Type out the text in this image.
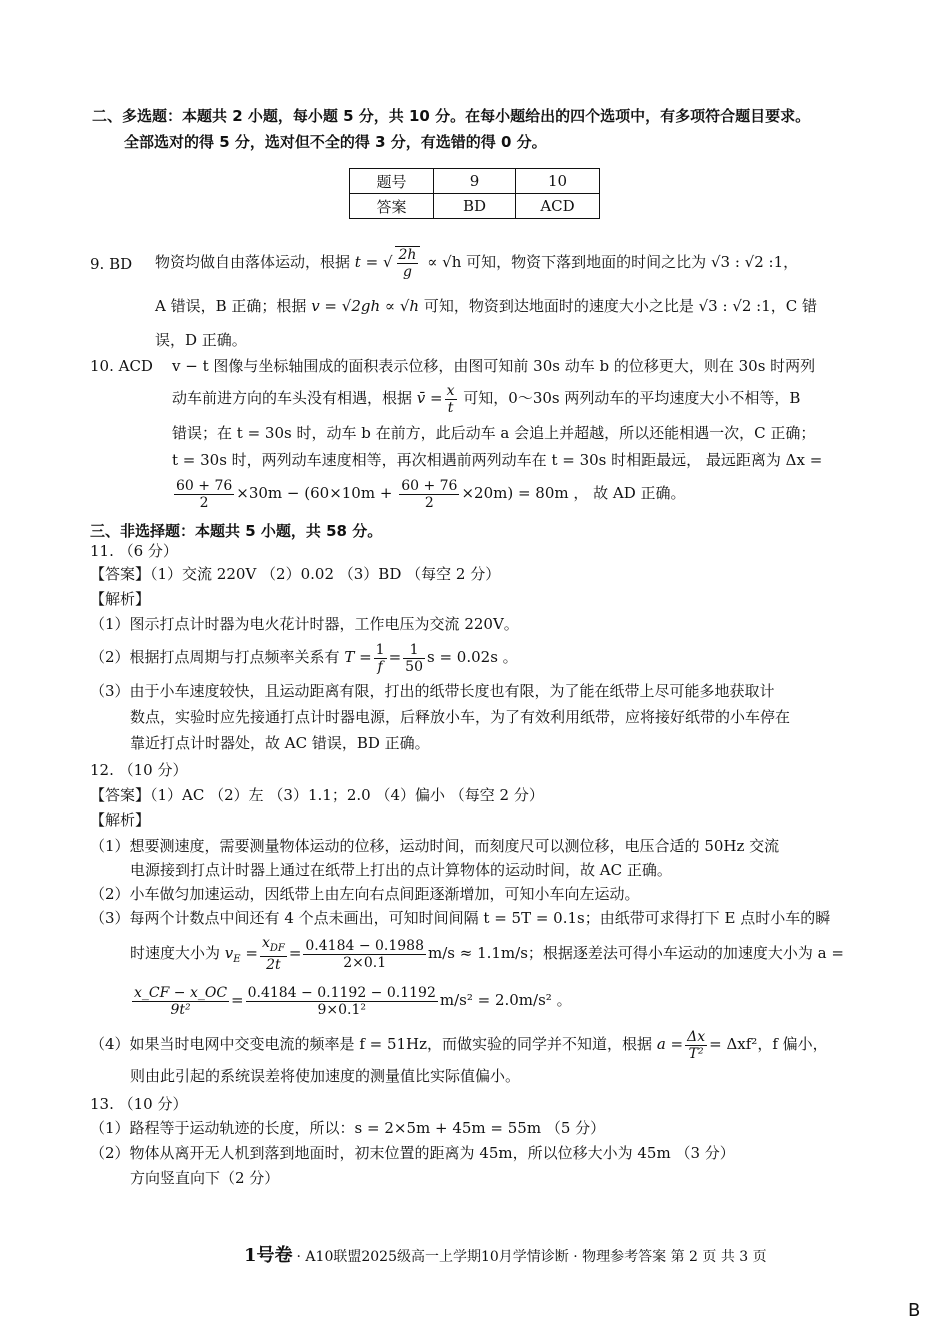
二、多选题：本题共 2 小题，每小题 5 分，共 10 分。在每小题给出的四个选项中，有多项符合题目要求。
全部选对的得 5 分，选对但不全的得 3 分，有选错的得 0 分。
题号	9	10
答案	BD	ACD
9. BD 物资均做自由落体运动，根据 t = √ $\frac{2h}{g} \propto √h$ 可知，物资下落到地面的时间之比为 √3 : √2 :1，
A 错误，B 正确；根据 v = √2gh ∝ √h 可知，物资到达地面时的速度大小之比是 √3 : √2 :1，C 错
误，D 正确。
10. ACD v − t 图像与坐标轴围成的面积表示位移，由图可知前 30s 动车 b 的位移更大，则在 30s 时两列
动车前进方向的车头没有相遇，根据 v̄ = $\frac{x}{t}$ 可知，0～30s 两列动车的平均速度大小不相等，B
错误；在 t = 30s 时，动车 b 在前方，此后动车 a 会追上并超越，所以还能相遇一次，C 正确；
t = 30s 时，两列动车速度相等，再次相遇前两列动车在 t = 30s 时相距最远， 最远距离为 Δx =
$\frac{60 + 76}{2} \times 30m - (60\times 10m + \frac{60 + 76}{2} \times 20m) = 80m$ ， 故 AD 正确。
三、非选择题：本题共 5 小题，共 58 分。
11. （6 分）
【答案】（1）交流 220V （2）0.02 （3）BD （每空 2 分）
【解析】
（1）图示打点计时器为电火花计时器，工作电压为交流 220V。
（2）根据打点周期与打点频率关系有 $T = \frac{1}{f} = \frac{1}{50}$ s = 0.02s 。
（3）由于小车速度较快，且运动距离有限，打出的纸带长度也有限，为了能在纸带上尽可能多地获取计
数点，实验时应先接通打点计时器电源，后释放小车，为了有效利用纸带，应将接好纸带的小车停在
靠近打点计时器处，故 AC 错误，BD 正确。
12. （10 分）
【答案】（1）AC （2）左 （3）1.1；2.0 （4）偏小 （每空 2 分）
【解析】
（1）想要测速度，需要测量物体运动的位移，运动时间，而刻度尺可以测位移，电压合适的 50Hz 交流
电源接到打点计时器上通过在纸带上打出的点计算物体的运动时间，故 AC 正确。
（2）小车做匀加速运动，因纸带上由左向右点间距逐渐增加，可知小车向左运动。
（3）每两个计数点中间还有 4 个点未画出，可知时间间隔 t = 5T = 0.1s；由纸带可求得打下 E 点时小车的瞬
时速度大小为 $v_E = \frac{x_{DF}}{2t} = \frac{0.4184 - 0.1988}{2\times 0.1} m/s \approx 1.1m/s$；根据逐差法可得小车运动的加速度大小为 a =
$\frac{x\_CF - x\_OC}{\text{9t²}} = \frac{0.4184 - 0.1192 - 0.1192}{\text{9×0.1²}} m/s^2 = 2.0m/s^2$ 。
（4）如果当时电网中交变电流的频率是 f = 51Hz，而做实验的同学并不知道，根据 $a = \frac{\Delta x}{\text{T²}} = \Delta xf^2$，f 偏小，
则由此引起的系统误差将使加速度的测量值比实际值偏小。
13. （10 分）
（1）路程等于运动轨迹的长度，所以：s = 2×5m + 45m = 55m （5 分）
（2）物体从离开无人机到落到地面时，初末位置的距离为 45m，所以位移大小为 45m （3 分）
方向竖直向下（2 分）
1号卷 · A10联盟2025级高一上学期10月学情诊断 · 物理参考答案 第 2 页 共 3 页
B
